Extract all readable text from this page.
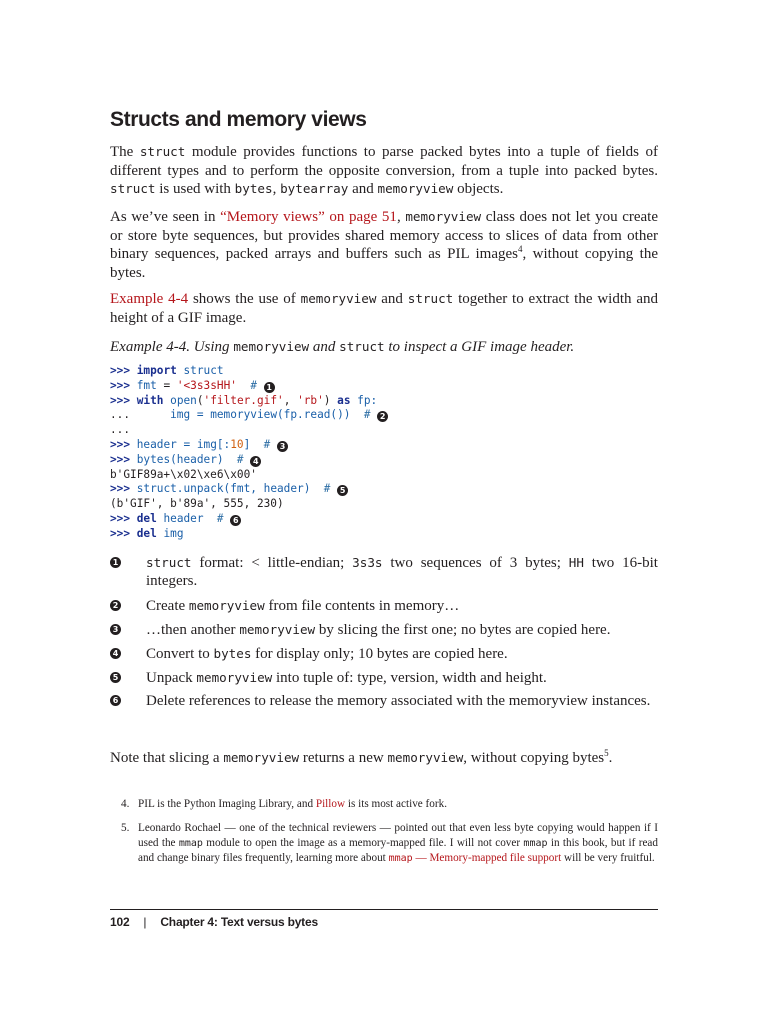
Structs and memory views

The struct module provides functions to parse packed bytes into a tuple of fields of different types and to perform the opposite conversion, from a tuple into packed bytes. struct is used with bytes, bytearray and memoryview objects.

As we’ve seen in “Memory views” on page 51, memoryview class does not let you create or store byte sequences, but provides shared memory access to slices of data from other binary sequences, packed arrays and buffers such as PIL images$^4$, without copying the bytes.

Example 4-4 shows the use of memoryview and struct together to extract the width and height of a GIF image.

Example 4-4. Using memoryview and struct to inspect a GIF image header.

>>> import struct
>>> fmt = '<3s3sHH' # 1
>>> with open('filter.gif', 'rb') as fp:
...      img = memoryview(fp.read()) # 2
...
>>> header = img[:10] # 3
>>> bytes(header) # 4
b'GIF89a+\x02\xe6\x00'
>>> struct.unpack(fmt, header) # 5
(b'GIF', b'89a', 555, 230)
>>> del header # 6
>>> del img
1 struct format: < little-endian; 3s3s two sequences of 3 bytes; HH two 16-bit integers.

2 Create memoryview from file contents in memory…

3 …then another memoryview by slicing the first one; no bytes are copied here.

4 Convert to bytes for display only; 10 bytes are copied here.

5 Unpack memoryview into tuple of: type, version, width and height.

6 Delete references to release the memory associated with the memoryview instances.

Note that slicing a memoryview returns a new memoryview, without copying bytes$^5$.

4. PIL is the Python Imaging Library, and Pillow is its most active fork.

5. Leonardo Rochael — one of the technical reviewers — pointed out that even less byte copying would happen if I used the mmap module to open the image as a memory-mapped file. I will not cover mmap in this book, but if read and change binary files frequently, learning more about mmap — Memory-mapped file support will be very fruitful.

102 | Chapter 4: Text versus bytes
